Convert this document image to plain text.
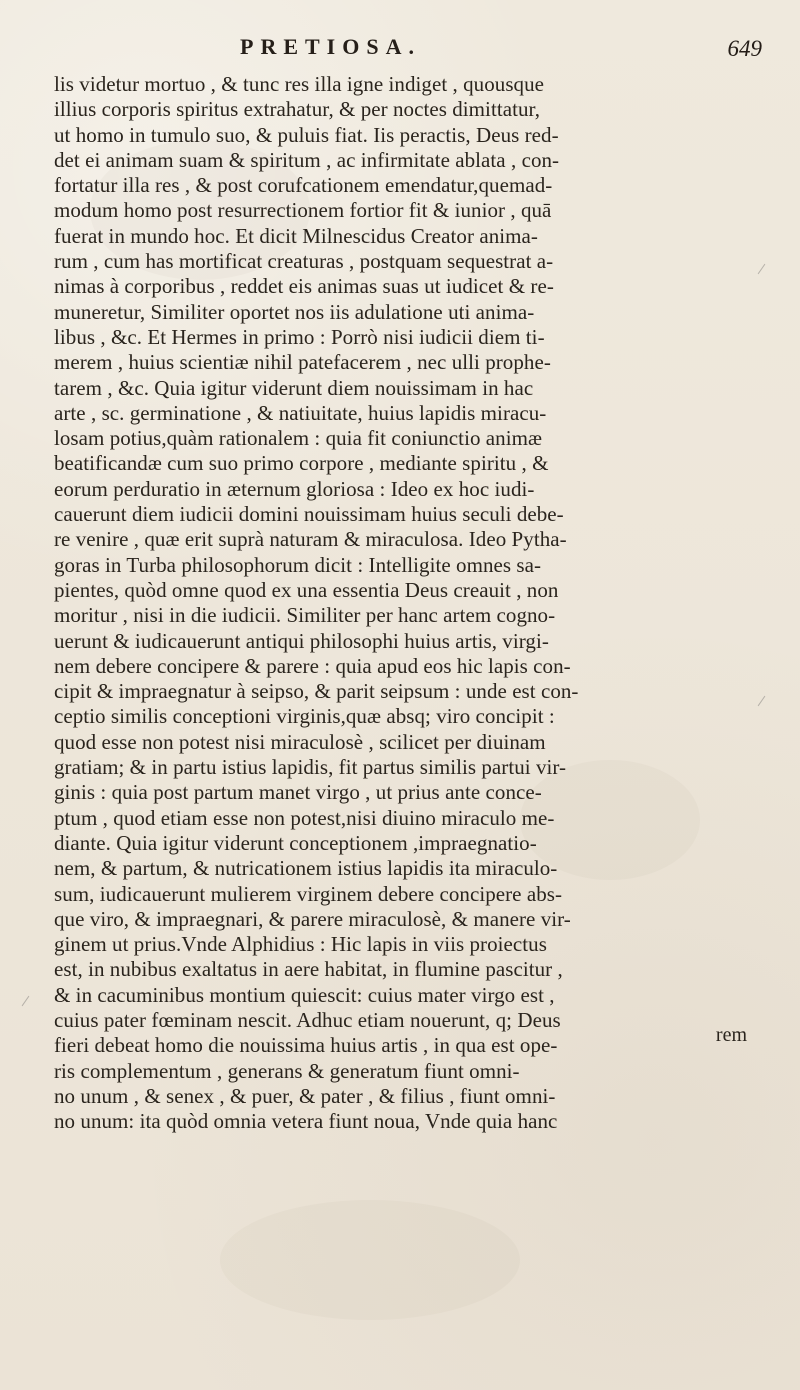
PRETIOSA.	649
lis videtur mortuo , & tunc res illa igne indiget , quousque
illius corporis spiritus extrahatur, & per noctes dimittatur,
ut homo in tumulo suo, & puluis fiat. Iis peractis, Deus red-
det ei animam suam & spiritum , ac infirmitate ablata , con-
fortatur illa res , & post corufcationem emendatur,quemad-
modum homo post resurrectionem fortior fit & iunior , quā
fuerat in mundo hoc. Et dicit Milnescidus Creator anima-
rum , cum has mortificat creaturas , postquam sequestrat a-
nimas à corporibus , reddet eis animas suas ut iudicet & re-
muneretur, Similiter oportet nos iis adulatione uti anima-
libus , &c. Et Hermes in primo : Porrò nisi iudicii diem ti-
merem , huius scientiæ nihil patefacerem , nec ulli prophe-
tarem , &c. Quia igitur viderunt diem nouissimam in hac
arte , sc. germinatione , & natiuitate, huius lapidis miracu-
losam potius,quàm rationalem : quia fit coniunctio animæ
beatificandæ cum suo primo corpore , mediante spiritu , &
eorum perduratio in æternum gloriosa : Ideo ex hoc iudi-
cauerunt diem iudicii domini nouissimam huius seculi debe-
re venire , quæ erit suprà naturam & miraculosa. Ideo Pytha-
goras in Turba philosophorum dicit : Intelligite omnes sa-
pientes, quòd omne quod ex una essentia Deus creauit , non
moritur , nisi in die iudicii. Similiter per hanc artem cogno-
uerunt & iudicauerunt antiqui philosophi huius artis, virgi-
nem debere concipere & parere : quia apud eos hic lapis con-
cipit & impraegnatur à seipso, & parit seipsum : unde est con-
ceptio similis conceptioni virginis,quæ absq; viro concipit :
quod esse non potest nisi miraculosè , scilicet per diuinam
gratiam; & in partu istius lapidis, fit partus similis partui vir-
ginis : quia post partum manet virgo , ut prius ante conce-
ptum , quod etiam esse non potest,nisi diuino miraculo me-
diante. Quia igitur viderunt conceptionem ,impraegnatio-
nem, & partum, & nutricationem istius lapidis ita miraculo-
sum, iudicauerunt mulierem virginem debere concipere abs-
que viro, & impraegnari, & parere miraculosè, & manere vir-
ginem ut prius.Vnde Alphidius : Hic lapis in viis proiectus
est, in nubibus exaltatus in aere habitat, in flumine pascitur ,
& in cacuminibus montium quiescit: cuius mater virgo est ,
cuius pater fœminam nescit. Adhuc etiam nouerunt, q; Deus
fieri debeat homo die nouissima huius artis , in qua est ope-
ris complementum , generans & generatum fiunt omni-
no unum , & senex , & puer, & pater , & filius , fiunt omni-
no unum: ita quòd omnia vetera fiunt noua, Vnde quia hanc
rem
